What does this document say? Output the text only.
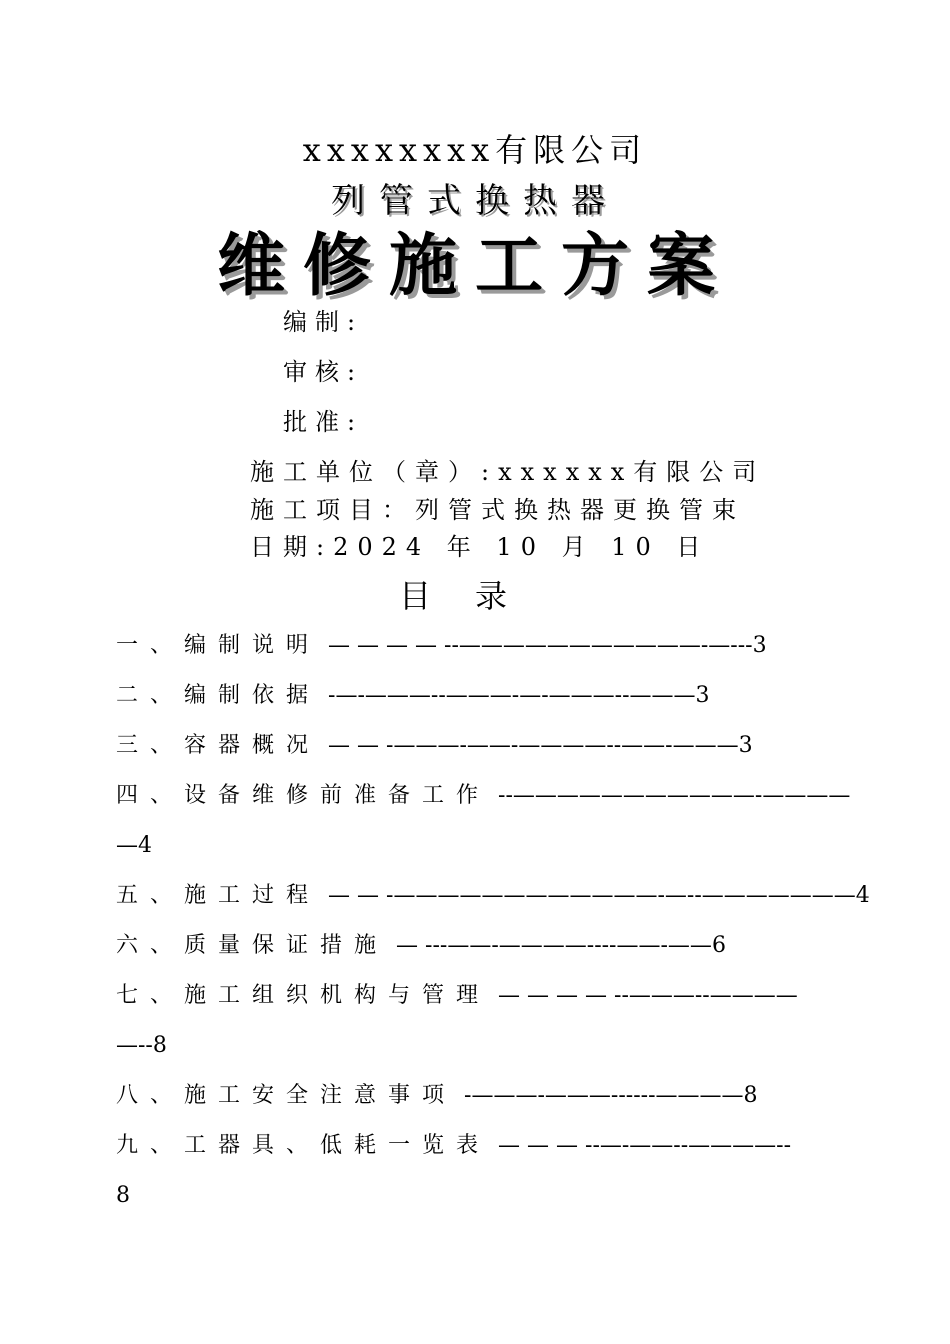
xxxxxxxx有限公司
列管式换热器
维修施工方案
编制:
审核:
批准:
施工单位（章）:xxxxxx有限公司
施工项目：列管式换热器更换管束
日期:2024 年 10 月 10 日
目录
一、编制说明 — — — — --———————————-—---3
二、编制依据 -—-———--———-—-———--———3
三、容器概况 — — -———-——-————--——-———3
四、设备维修前准备工作 --———————————-————
—4
五、施工过程 — — -————————————-—--———————4
六、质量保证措施 — ---——-————----——-——6
七、施工组织机构与管理 — — — — --———--————
—--8
八、施工安全注意事项 -———-———------————8
九、工器具、低耗一览表 — — — --—-——--————--
8
